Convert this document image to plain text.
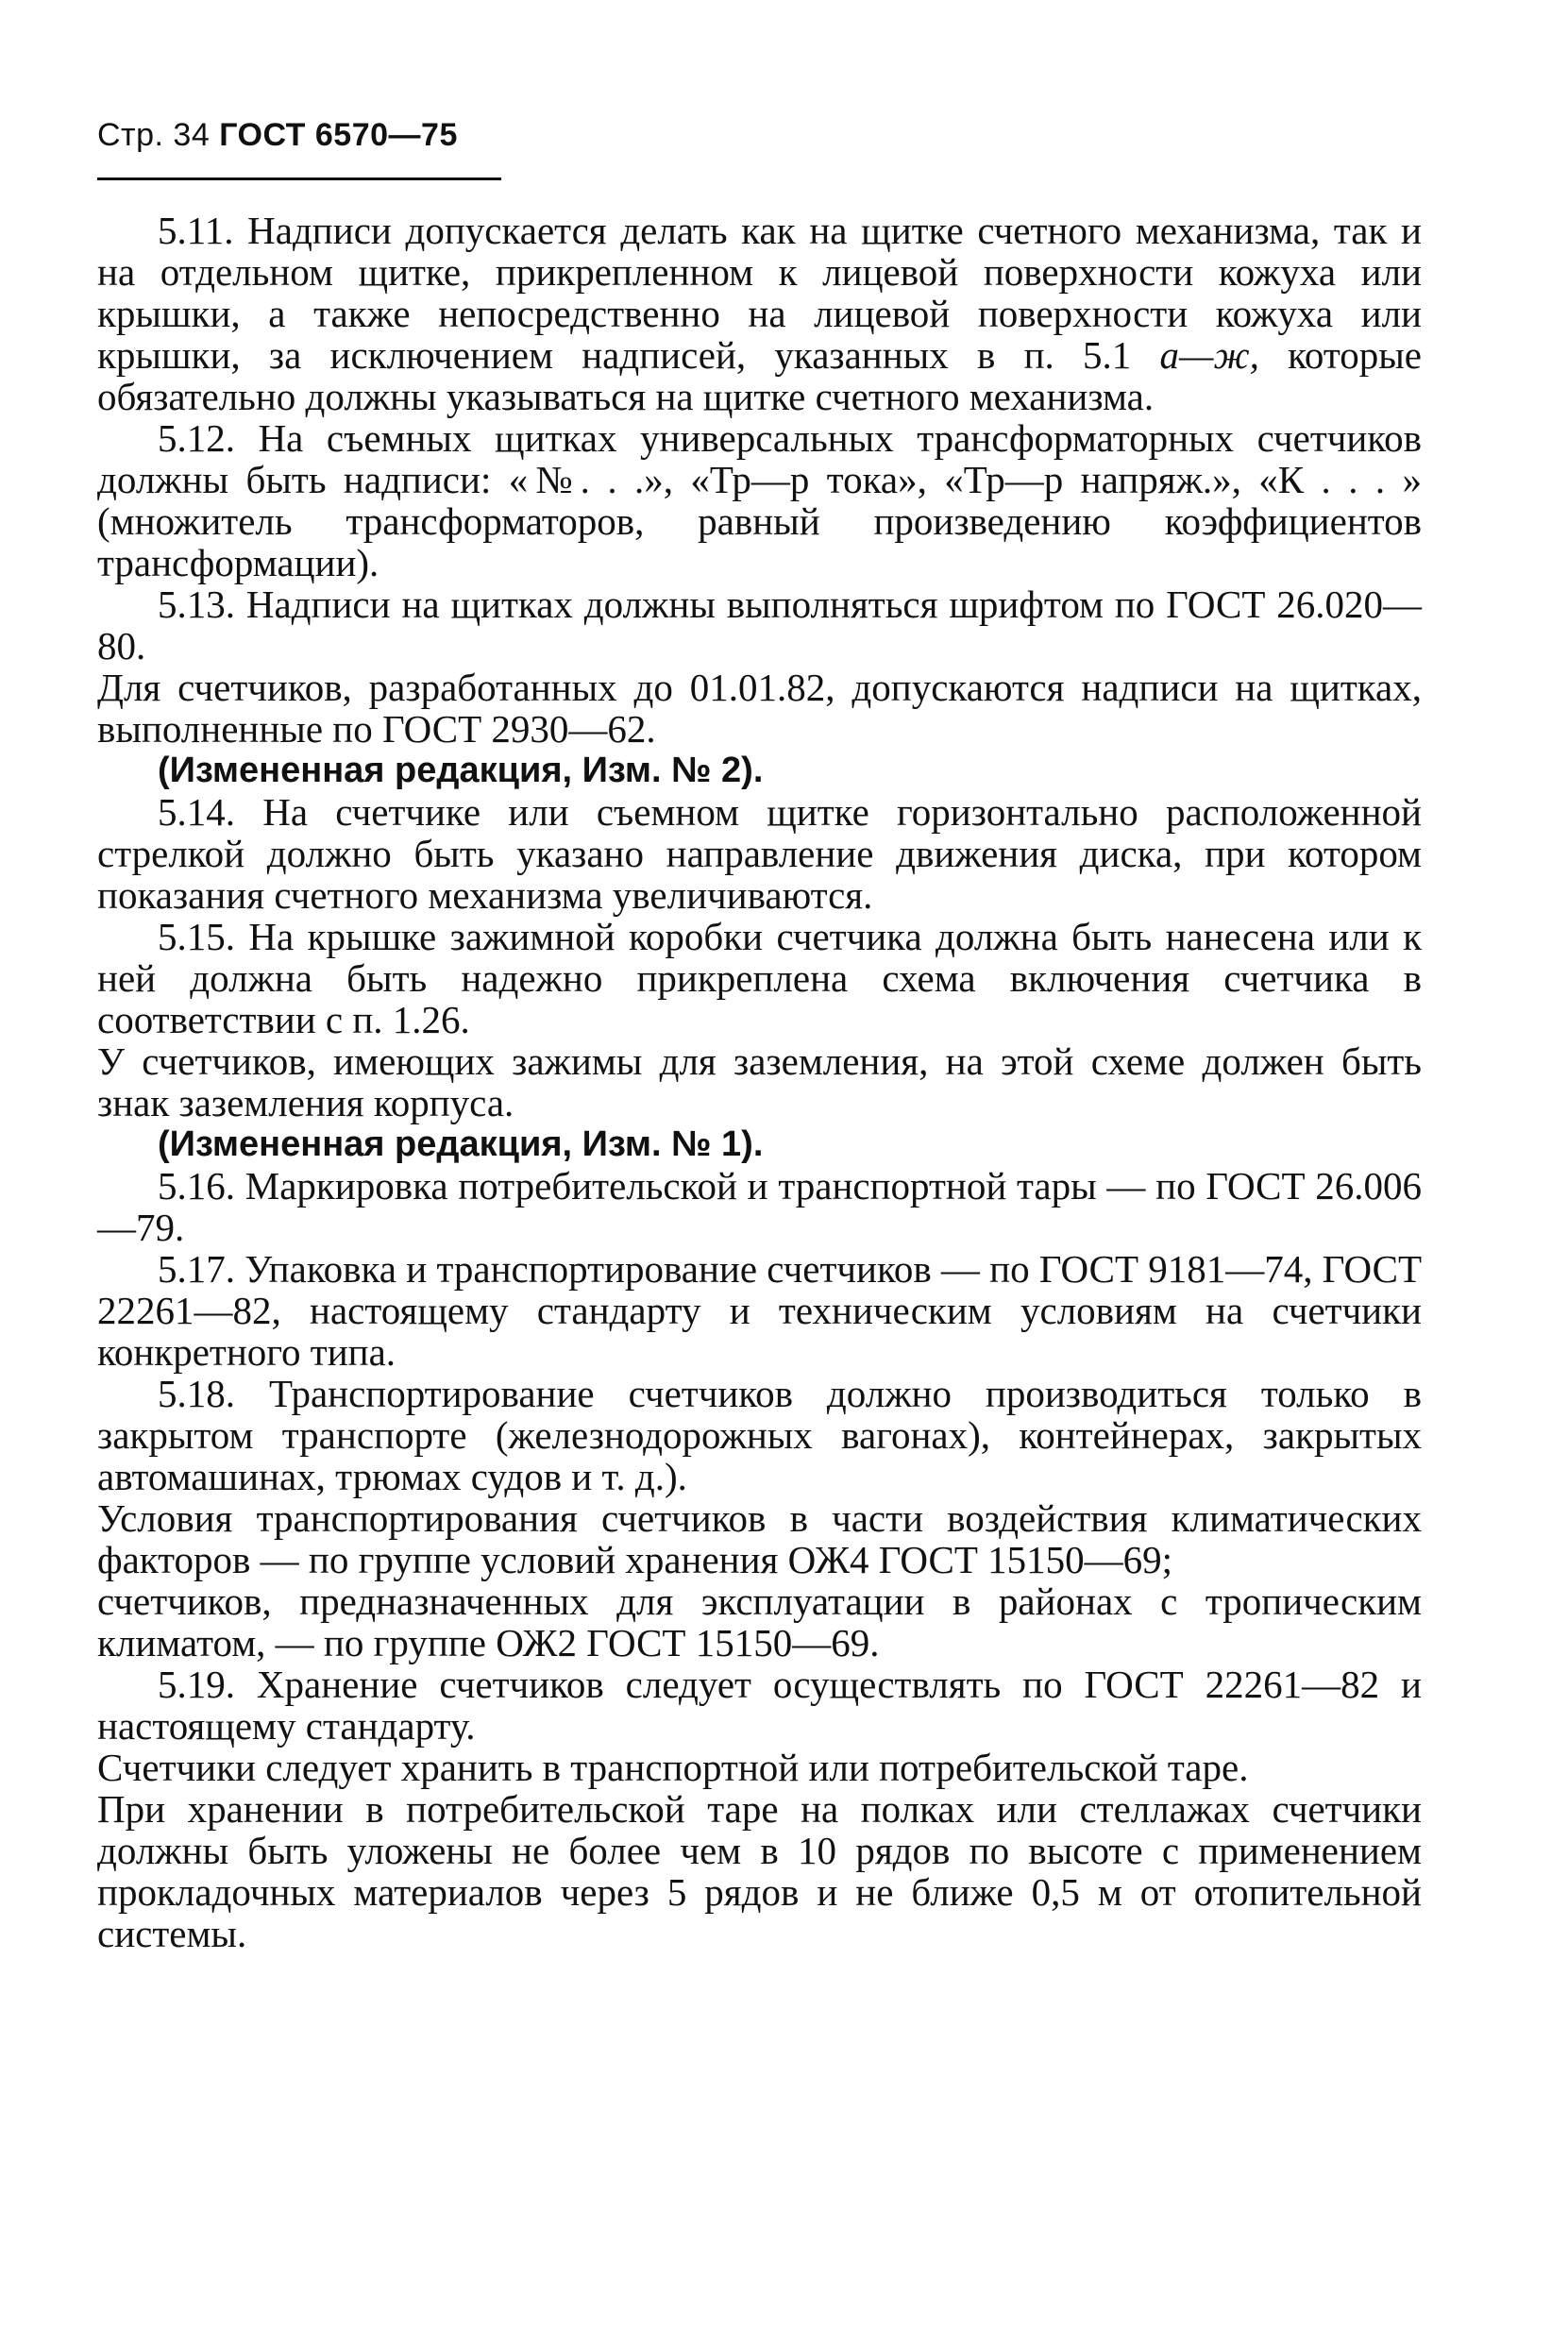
Стр. 34 ГОСТ 6570—75

5.11. Надписи допускается делать как на щитке счетного механизма, так и на отдельном щитке, прикрепленном к лицевой поверхности кожуха или крышки, а также непосредственно на лицевой поверхности кожуха или крышки, за исключением надписей, указанных в п. 5.1 а—ж, которые обязательно должны указываться на щитке счетного механизма.

5.12. На съемных щитках универсальных трансформаторных счетчиков должны быть надписи: «№. . .», «Тр—р тока», «Тр—р напряж.», «К . . . » (множитель трансформаторов, равный произведению коэффициентов трансформации).

5.13. Надписи на щитках должны выполняться шрифтом по ГОСТ 26.020—80.

Для счетчиков, разработанных до 01.01.82, допускаются надписи на щитках, выполненные по ГОСТ 2930—62.

(Измененная редакция, Изм. № 2).

5.14. На счетчике или съемном щитке горизонтально расположенной стрелкой должно быть указано направление движения диска, при котором показания счетного механизма увеличиваются.

5.15. На крышке зажимной коробки счетчика должна быть нанесена или к ней должна быть надежно прикреплена схема включения счетчика в соответствии с п. 1.26.

У счетчиков, имеющих зажимы для заземления, на этой схеме должен быть знак заземления корпуса.

(Измененная редакция, Изм. № 1).

5.16. Маркировка потребительской и транспортной тары — по ГОСТ 26.006—79.

5.17. Упаковка и транспортирование счетчиков — по ГОСТ 9181—74, ГОСТ 22261—82, настоящему стандарту и техническим условиям на счетчики конкретного типа.

5.18. Транспортирование счетчиков должно производиться только в закрытом транспорте (железнодорожных вагонах), контейнерах, закрытых автомашинах, трюмах судов и т. д.).

Условия транспортирования счетчиков в части воздействия климатических факторов — по группе условий хранения ОЖ4 ГОСТ 15150—69;

счетчиков, предназначенных для эксплуатации в районах с тропическим климатом, — по группе ОЖ2 ГОСТ 15150—69.

5.19. Хранение счетчиков следует осуществлять по ГОСТ 22261—82 и настоящему стандарту.

Счетчики следует хранить в транспортной или потребительской таре.

При хранении в потребительской таре на полках или стеллажах счетчики должны быть уложены не более чем в 10 рядов по высоте с применением прокладочных материалов через 5 рядов и не ближе 0,5 м от отопительной системы.
